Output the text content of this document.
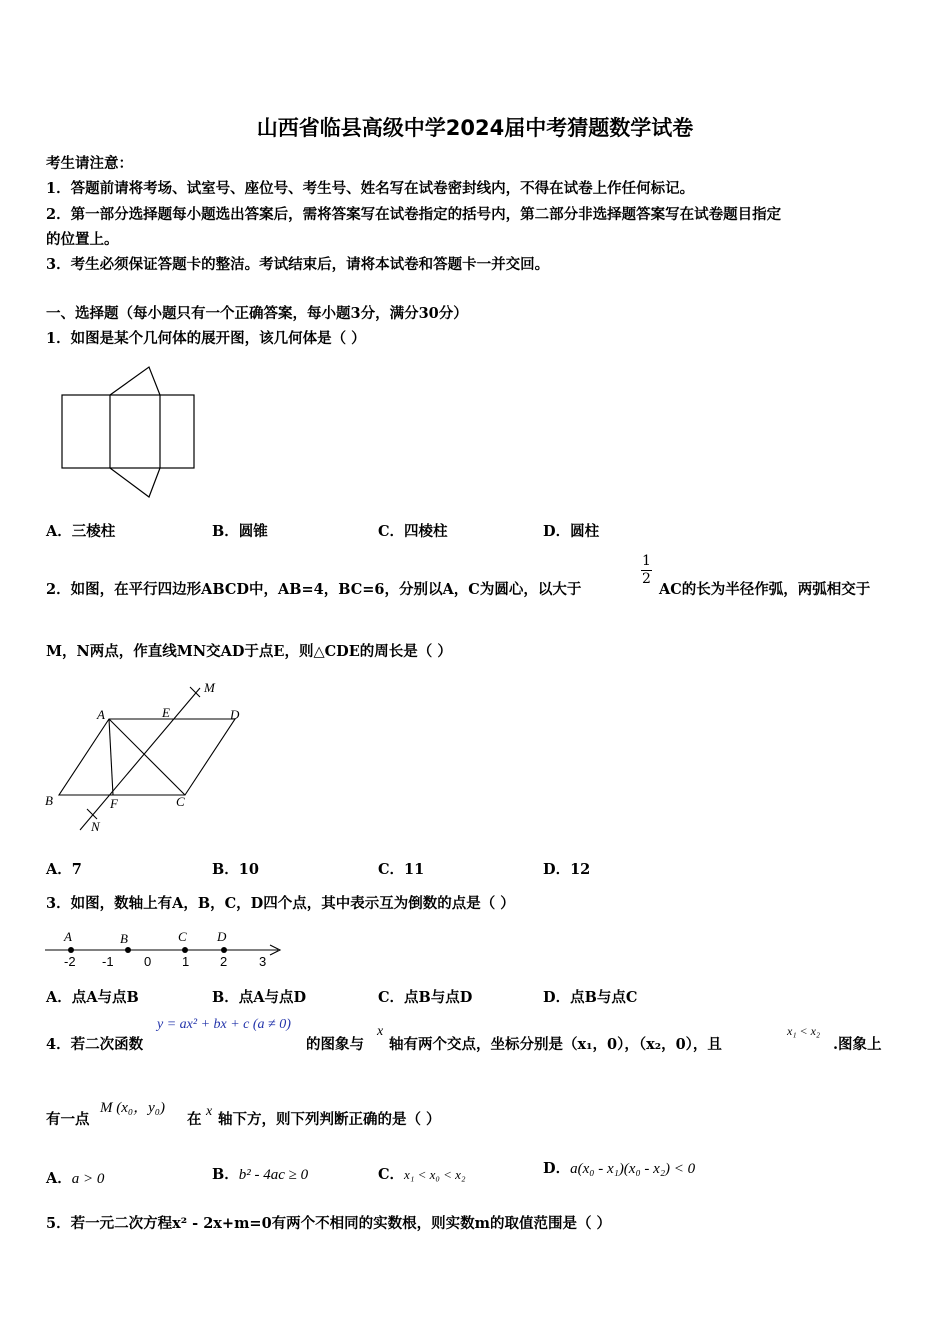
山西省临县高级中学2024届中考猜题数学试卷
考生请注意：
1．答题前请将考场、试室号、座位号、考生号、姓名写在试卷密封线内，不得在试卷上作任何标记。
2．第一部分选择题每小题选出答案后，需将答案写在试卷指定的括号内，第二部分非选择题答案写在试卷题目指定
的位置上。
3．考生必须保证答题卡的整洁。考试结束后，请将本试卷和答题卡一并交回。
一、选择题（每小题只有一个正确答案，每小题3分，满分30分）
1．如图是某个几何体的展开图，该几何体是（ ）
A．三棱柱	B．圆锥	C．四棱柱	D．圆柱
2．如图，在平行四边形ABCD中，AB=4，BC=6，分别以A，C为圆心，以大于
$\frac{1}{2}$
AC的长为半径作弧，两弧相交于
M，N两点，作直线MN交AD于点E，则△CDE的周长是（ ）
A	E	D
B	F	C
M
N
A．7	B．10	C．11	D．12
3．如图，数轴上有A，B，C，D四个点，其中表示互为倒数的点是（ ）
A	B	C D
-2 -1 0 1 2 3
A．点A与点B	B．点A与点D	C．点B与点D	D．点B与点C
4．若二次函数
y = ax² + bx + c (a ≠ 0)
的图象与
x
轴有两个交点，坐标分别是（x₁，0），（x₂，0），且
x₁ < x₂
.图象上
有一点
M (x₀，y₀)
在 x 轴下方，则下列判断正确的是（ ）
A．a > 0	B．b² - 4ac ≥ 0	C．x₁ < x₀ < x₂	D．a(x₀ - x₁)(x₀ - x₂) < 0
5．若一元二次方程x² - 2x+m=0有两个不相同的实数根，则实数m的取值范围是（ ）
